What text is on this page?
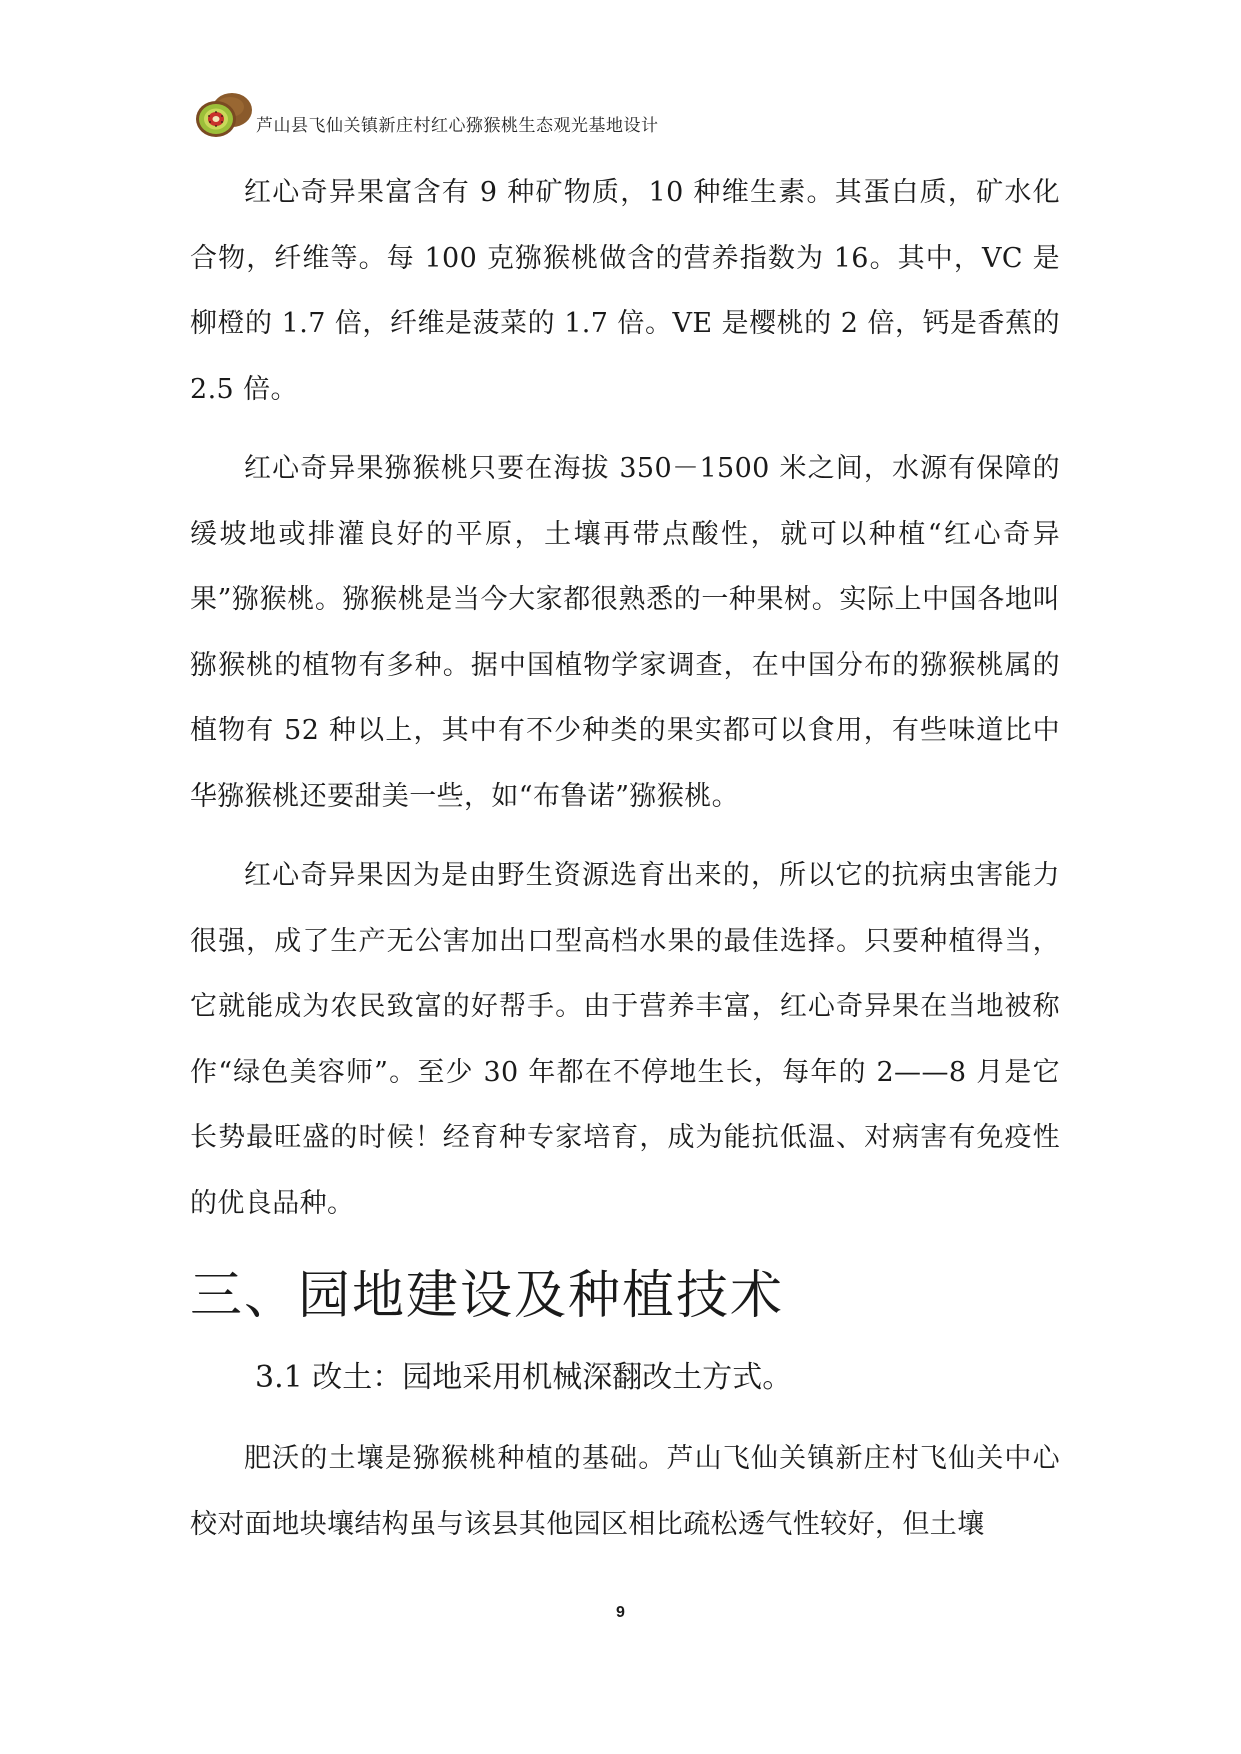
芦山县飞仙关镇新庄村红心猕猴桃生态观光基地设计

红心奇异果富含有 9 种矿物质，10 种维生素。其蛋白质，矿水化合物，纤维等。每 100 克猕猴桃做含的营养指数为 16。其中，VC 是柳橙的 1.7 倍，纤维是菠菜的 1.7 倍。VE 是樱桃的 2 倍，钙是香蕉的 2.5 倍。

红心奇异果猕猴桃只要在海拔 350－1500 米之间，水源有保障的缓坡地或排灌良好的平原，土壤再带点酸性，就可以种植“红心奇异果”猕猴桃。猕猴桃是当今大家都很熟悉的一种果树。实际上中国各地叫猕猴桃的植物有多种。据中国植物学家调查，在中国分布的猕猴桃属的植物有 52 种以上，其中有不少种类的果实都可以食用，有些味道比中华猕猴桃还要甜美一些，如“布鲁诺”猕猴桃。

红心奇异果因为是由野生资源选育出来的，所以它的抗病虫害能力很强，成了生产无公害加出口型高档水果的最佳选择。只要种植得当，它就能成为农民致富的好帮手。由于营养丰富，红心奇异果在当地被称作“绿色美容师”。至少 30 年都在不停地生长，每年的 2——8 月是它长势最旺盛的时候！经育种专家培育，成为能抗低温、对病害有免疫性的优良品种。

三、园地建设及种植技术
3.1 改土：园地采用机械深翻改土方式。

肥沃的土壤是猕猴桃种植的基础。芦山飞仙关镇新庄村飞仙关中心校对面地块壤结构虽与该县其他园区相比疏松透气性较好，但土壤

9
